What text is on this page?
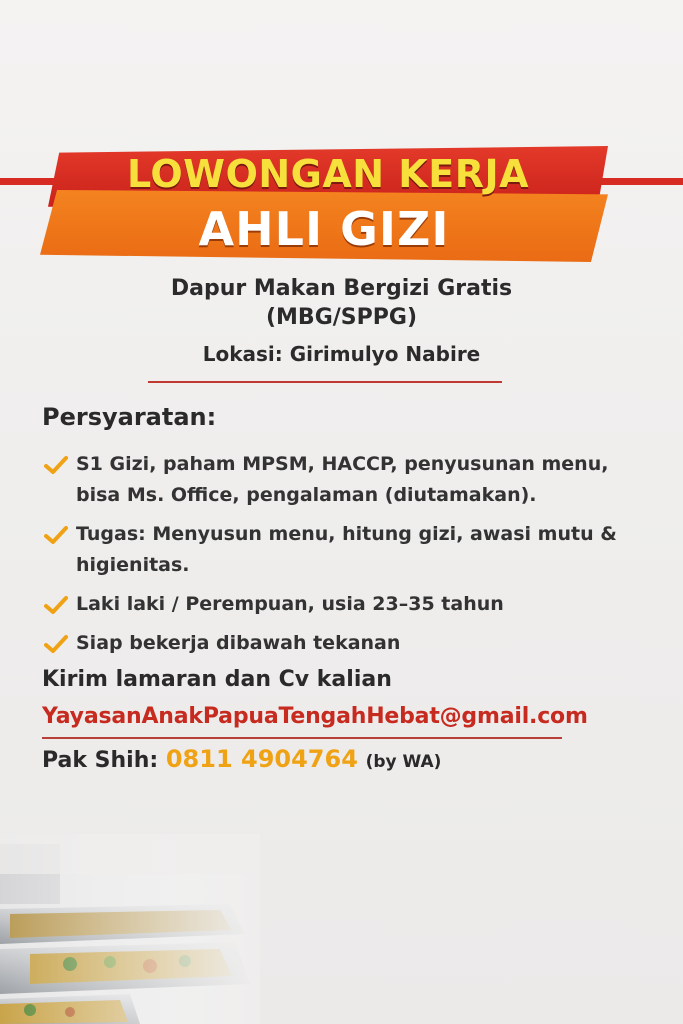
LOWONGAN KERJA
AHLI GIZI
Dapur Makan Bergizi Gratis
(MBG/SPPG)
Lokasi: Girimulyo Nabire
Persyaratan:
S1 Gizi, paham MPSM, HACCP, penyusunan menu, bisa Ms. Office, pengalaman (diutamakan).
Tugas: Menyusun menu, hitung gizi, awasi mutu & higienitas.
Laki laki / Perempuan, usia 23–35 tahun
Siap bekerja dibawah tekanan
Kirim lamaran dan Cv kalian
YayasanAnakPapuaTengahHebat@gmail.com
Pak Shih: 0811 4904764 (by WA)
